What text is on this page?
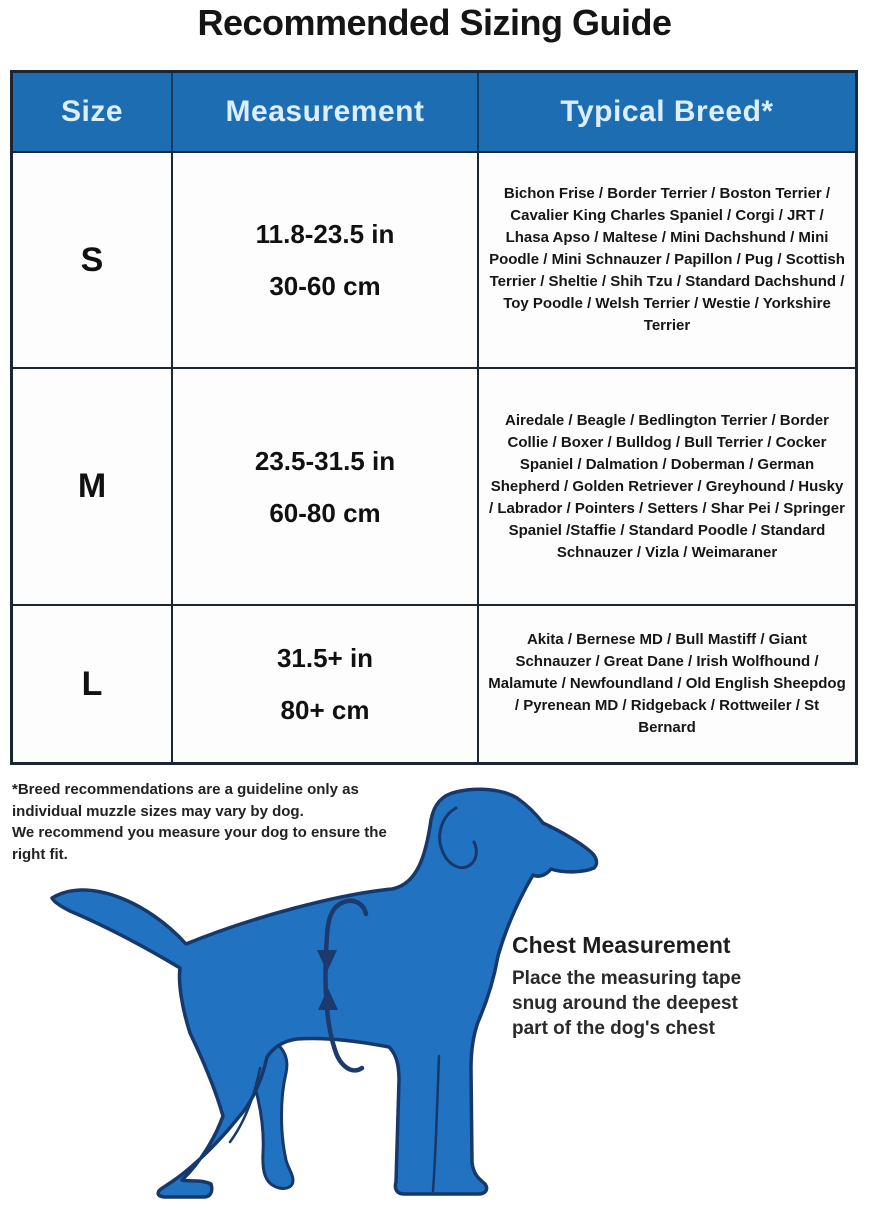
Recommended Sizing Guide
Size	Measurement	Typical Breed*
S
11.8-23.5 in
30-60 cm

Bichon Frise / Border Terrier / Boston Terrier / Cavalier King Charles Spaniel / Corgi / JRT / Lhasa Apso / Maltese / Mini Dachshund / Mini Poodle / Mini Schnauzer / Papillon / Pug / Scottish Terrier / Sheltie / Shih Tzu / Standard Dachshund / Toy Poodle / Welsh Terrier / Westie / Yorkshire Terrier

M
23.5-31.5 in
60-80 cm

Airedale / Beagle / Bedlington Terrier / Border Collie / Boxer / Bulldog / Bull Terrier / Cocker Spaniel / Dalmation / Doberman / German Shepherd / Golden Retriever / Greyhound / Husky / Labrador / Pointers / Setters / Shar Pei / Springer Spaniel /Staffie / Standard Poodle / Standard Schnauzer / Vizla / Weimaraner

L
31.5+ in
80+ cm

Akita / Bernese MD / Bull Mastiff / Giant Schnauzer / Great Dane / Irish Wolfhound / Malamute / Newfoundland / Old English Sheepdog / Pyrenean MD / Ridgeback / Rottweiler / St Bernard

*Breed recommendations are a guideline only as individual muzzle sizes may vary by dog.

We recommend you measure your dog to ensure the right fit.

Chest Measurement

Place the measuring tape snug around the deepest part of the dog's chest
